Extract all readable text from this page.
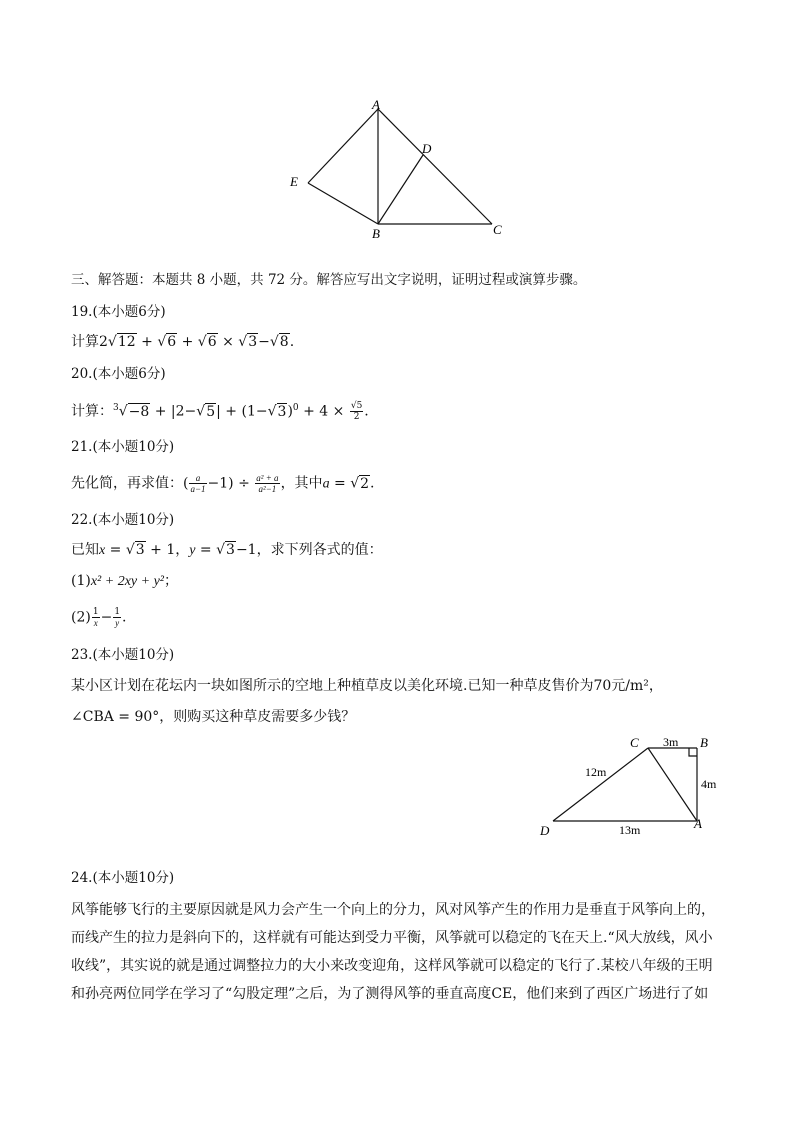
A
D
E
B	C
三、解答题：本题共 8 小题，共 72 分。解答应写出文字说明，证明过程或演算步骤。
19.(本小题6分)
计算2√12 + √6 + √6 × √3−√8.
20.(本小题6分)
计算：$^3√-8 + |2-√5| + (1-√3)^0 + 4 \times \frac{√5}{2}$ .
21.(本小题10分)
先化简，再求值：( $\frac{a}{a-1} -1) \div \frac{\text{a² + a}}{\text{a²−1}}$ ，其中a = √2.
22.(本小题10分)
已知x = √3 + 1，y = √3−1，求下列各式的值：
(1)x² + 2xy + y²；
$(2) \frac{1}{x} - \frac{1}{y}$ .
23.(本小题10分)
某小区计划在花坛内一块如图所示的空地上种植草皮以美化环境.已知一种草皮售价为70元/m²，
∠CBA = 90°，则购买这种草皮需要多少钱？
C	B
D	A
3m
12m
4m
13m
24.(本小题10分)
风筝能够飞行的主要原因就是风力会产生一个向上的分力，风对风筝产生的作用力是垂直于风筝向上的，而线产生的拉力是斜向下的，这样就有可能达到受力平衡，风筝就可以稳定的飞在天上.“风大放线，风小收线”，其实说的就是通过调整拉力的大小来改变迎角，这样风筝就可以稳定的飞行了.某校八年级的王明和孙亮两位同学在学习了“勾股定理”之后，为了测得风筝的垂直高度CE，他们来到了西区广场进行了如
